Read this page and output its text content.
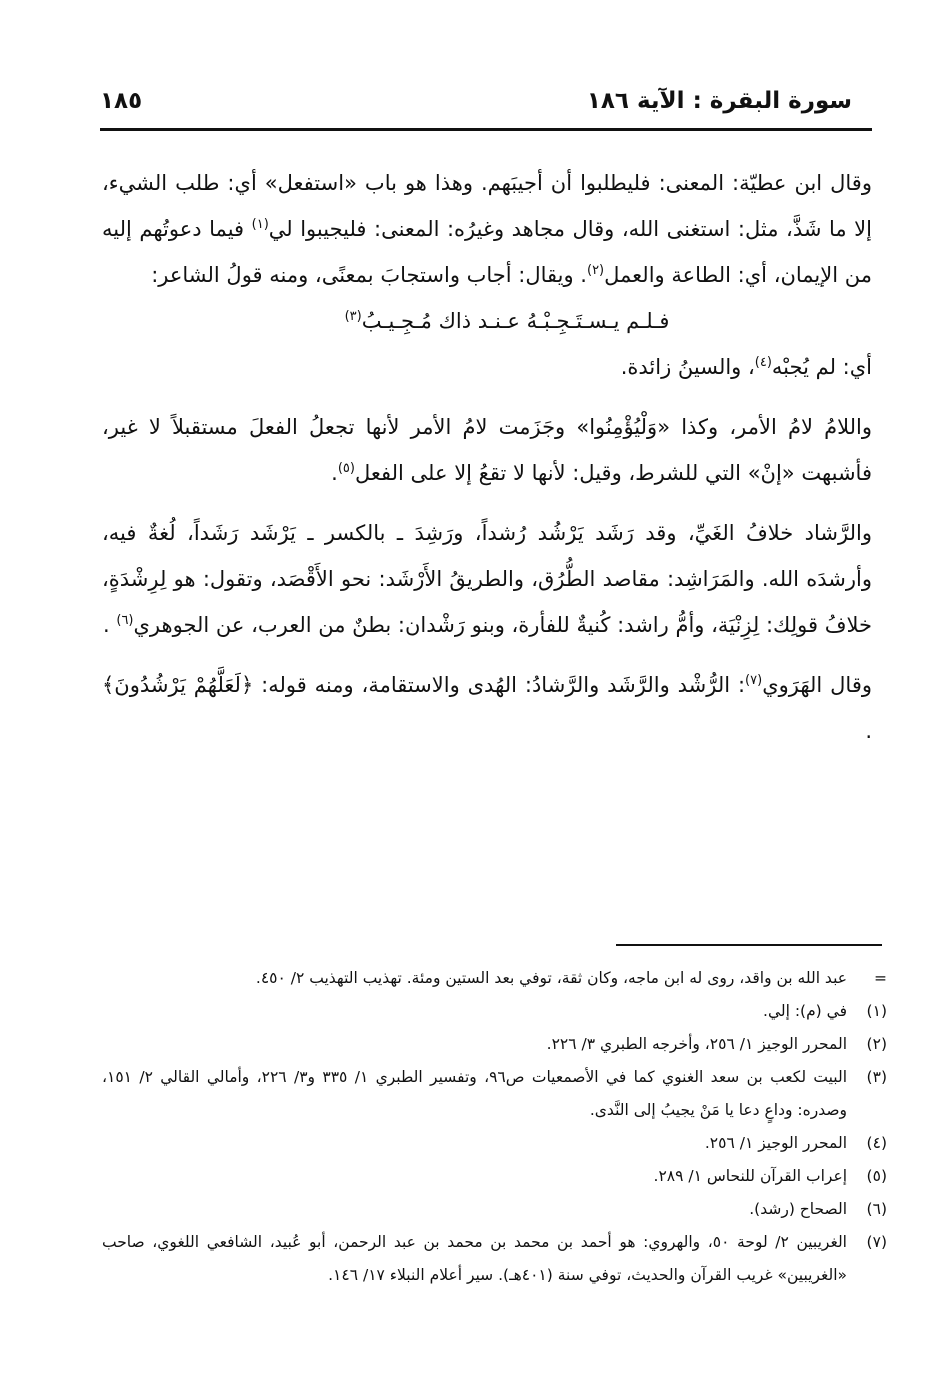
سورة البقرة : الآية ١٨٦
١٨٥

وقال ابن عطيّة: المعنى: فليطلبوا أن أجيبَهم. وهذا هو باب «استفعل» أي: طلب الشيء، إلا ما شَذَّ، مثل: استغنى الله، وقال مجاهد وغيرُه: المعنى: فليجيبوا لي$^{(١)}$ فيما دعوتُهم إليه من الإيمان، أي: الطاعة والعمل$^{(٢)}$. ويقال: أجاب واستجابَ بمعنًى، ومنه قولُ الشاعر:

فـلـم يـسـتَـجِـبْـهُ عـنـد ذاك مُـجِـيـبُ$^{(٣)}$

أي: لم يُجبْه$^{(٤)}$، والسينُ زائدة.

واللامُ لامُ الأمر، وكذا «وَلْيُؤْمِنُوا» وجَزَمت لامُ الأمر لأنها تجعلُ الفعلَ مستقبلاً لا غير، فأشبهت «إنْ» التي للشرط، وقيل: لأنها لا تقعُ إلا على الفعل$^{(٥)}$.

والرَّشاد خلافُ الغَيِّ، وقد رَشَد يَرْشُد رُشداً، ورَشِدَ ـ بالكسر ـ يَرْشَد رَشَداً، لُغةٌ فيه، وأرشدَه الله. والمَرَاشِد: مقاصد الطُّرُق، والطريقُ الأَرْشَد: نحو الأَقْصَد، وتقول: هو لِرِشْدَةٍ، خلافُ قولِك: لِزِنْيَة، وأمُّ راشد: كُنيةٌ للفأرة، وبنو رَشْدان: بطنٌ من العرب، عن الجوهري$^{(٦)}$ .

وقال الهَرَوي$^{(٧)}$: الرُّشْد والرَّشَد والرَّشادُ: الهُدى والاستقامة، ومنه قوله: ﴿لَعَلَّهُمْ يَرْشُدُونَ﴾ .

=
عبد الله بن واقد، روى له ابن ماجه، وكان ثقة، توفي بعد الستين ومئة. تهذيب التهذيب ٢/ ٤٥٠.
(١)
في (م): إلي.
(٢)
المحرر الوجيز ١/ ٢٥٦، وأخرجه الطبري ٣/ ٢٢٦.
(٣)
البيت لكعب بن سعد الغنوي كما في الأصمعيات ص٩٦، وتفسير الطبري ١/ ٣٣٥ و٣/ ٢٢٦، وأمالي القالي ٢/ ١٥١، وصدره: وداعٍ دعا يا مَنْ يجيبُ إلى النَّدى.
(٤)
المحرر الوجيز ١/ ٢٥٦.
(٥)
إعراب القرآن للنحاس ١/ ٢٨٩.
(٦)
الصحاح (رشد).
(٧)
الغريبين ٢/ لوحة ٥٠، والهروي: هو أحمد بن محمد بن محمد بن عبد الرحمن، أبو عُبيد، الشافعي اللغوي، صاحب «الغريبين» غريب القرآن والحديث، توفي سنة (٤٠١هـ). سير أعلام النبلاء ١٧/ ١٤٦.
